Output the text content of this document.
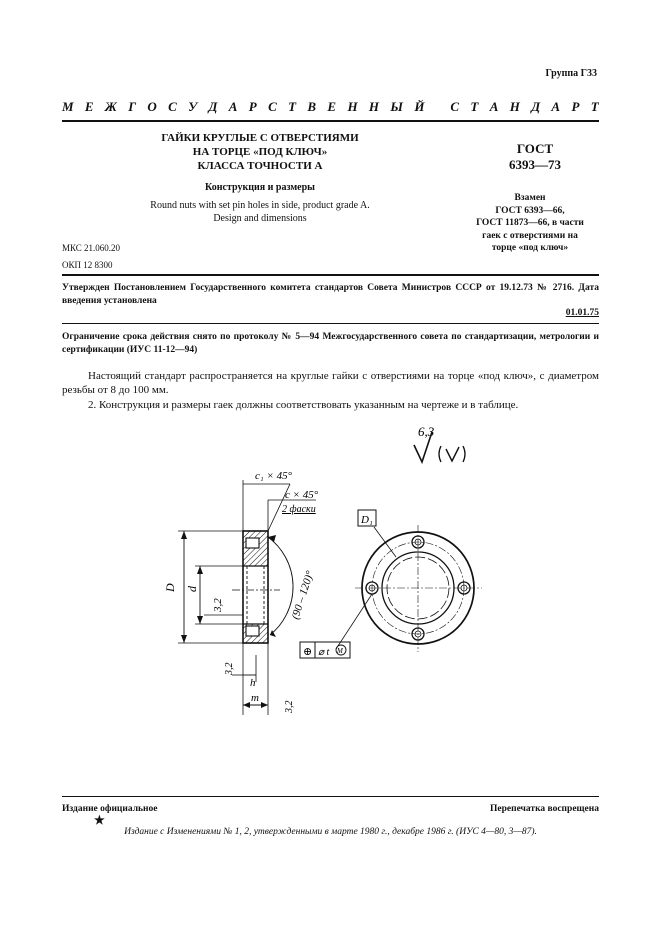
Группа Г33
М Е Ж Г О С У Д А Р С Т В Е Н Н Ы Й
С Т А Н Д А Р Т
ГАЙКИ КРУГЛЫЕ С ОТВЕРСТИЯМИ
НА ТОРЦЕ «ПОД КЛЮЧ»
КЛАССА ТОЧНОСТИ А
Конструкция и размеры
Round nuts with set pin holes in side, product grade A.
Design and dimensions
ГОСТ
6393—73
Взамен
ГОСТ 6393—66,
ГОСТ 11873—66, в части
гаек с отверстиями на
торце «под ключ»
МКС 21.060.20
ОКП 12 8300
Утвержден Постановлением Государственного комитета стандартов Совета Министров СССР от 19.12.73 № 2716. Дата введения установлена
01.01.75
Ограничение срока действия снято по протоколу № 5—94 Межгосударственного совета по стандартизации, метрологии и сертификации (ИУС 11-12—94)
Настоящий стандарт распространяется на круглые гайки с отверстиями на торце «под ключ», с диаметром резьбы от 8 до 100 мм.
2. Конструкция и размеры гаек должны соответствовать указанным на чертеже и в таблице.
6,3
c₁ × 45°
c × 45°
2 фаски
D d
3,2
3,2
3,2
(90 – 120)°
h
m
D₁
⊕ ⌀ t M
Издание официальное	Перепечатка воспрещена
★
Издание с Изменениями № 1, 2, утвержденными в марте 1980 г., декабре 1986 г. (ИУС 4—80, 3—87).
